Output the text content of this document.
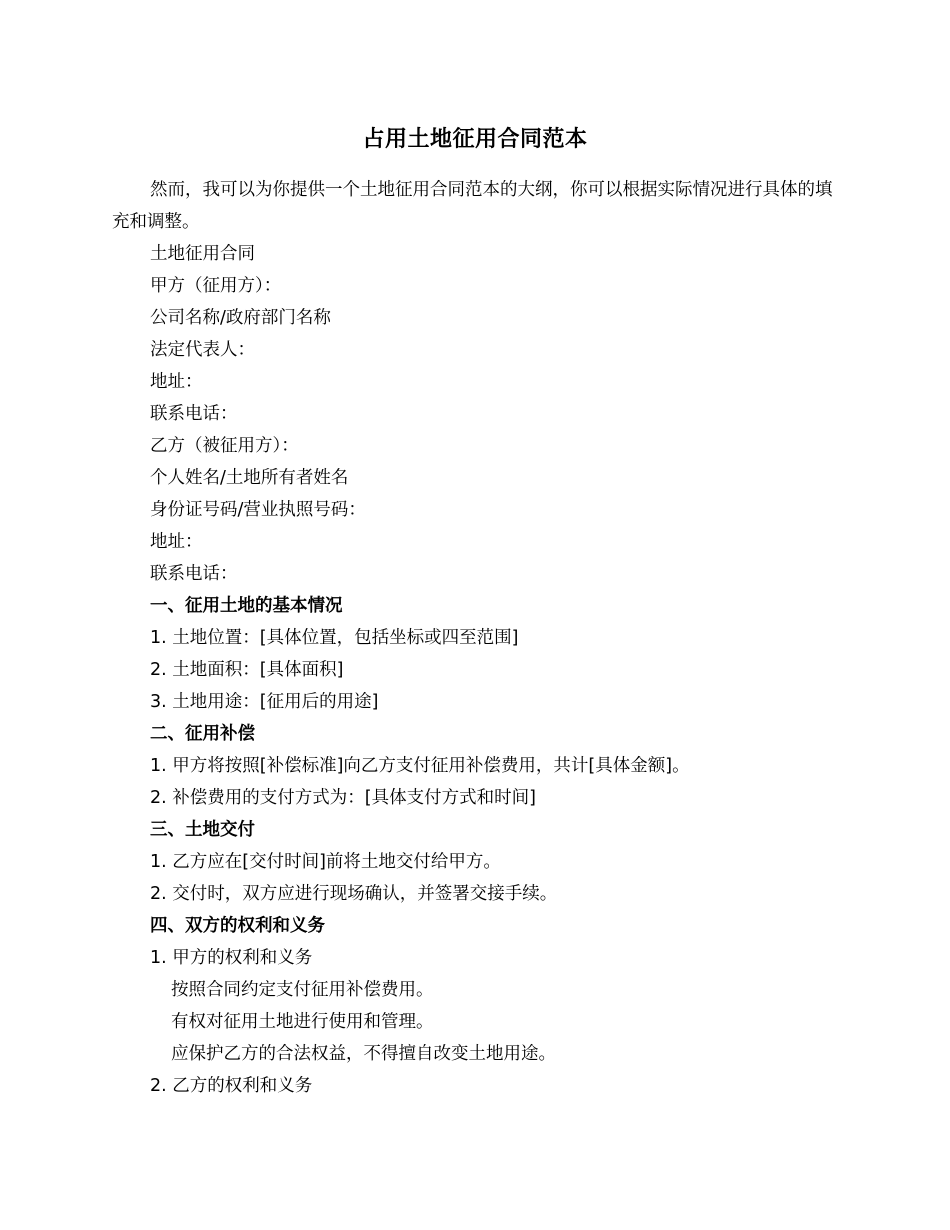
占用土地征用合同范本

然而，我可以为你提供一个土地征用合同范本的大纲，你可以根据实际情况进行具体的填充和调整。

土地征用合同
甲方（征用方）：
公司名称/政府部门名称
法定代表人：
地址：
联系电话：
乙方（被征用方）：
个人姓名/土地所有者姓名
身份证号码/营业执照号码：
地址：
联系电话：
一、征用土地的基本情况
1. 土地位置：[具体位置，包括坐标或四至范围]
2. 土地面积：[具体面积]
3. 土地用途：[征用后的用途]
二、征用补偿
1. 甲方将按照[补偿标准]向乙方支付征用补偿费用，共计[具体金额]。
2. 补偿费用的支付方式为：[具体支付方式和时间]
三、土地交付
1. 乙方应在[交付时间]前将土地交付给甲方。
2. 交付时，双方应进行现场确认，并签署交接手续。
四、双方的权利和义务
1. 甲方的权利和义务
按照合同约定支付征用补偿费用。
有权对征用土地进行使用和管理。
应保护乙方的合法权益，不得擅自改变土地用途。
2. 乙方的权利和义务
